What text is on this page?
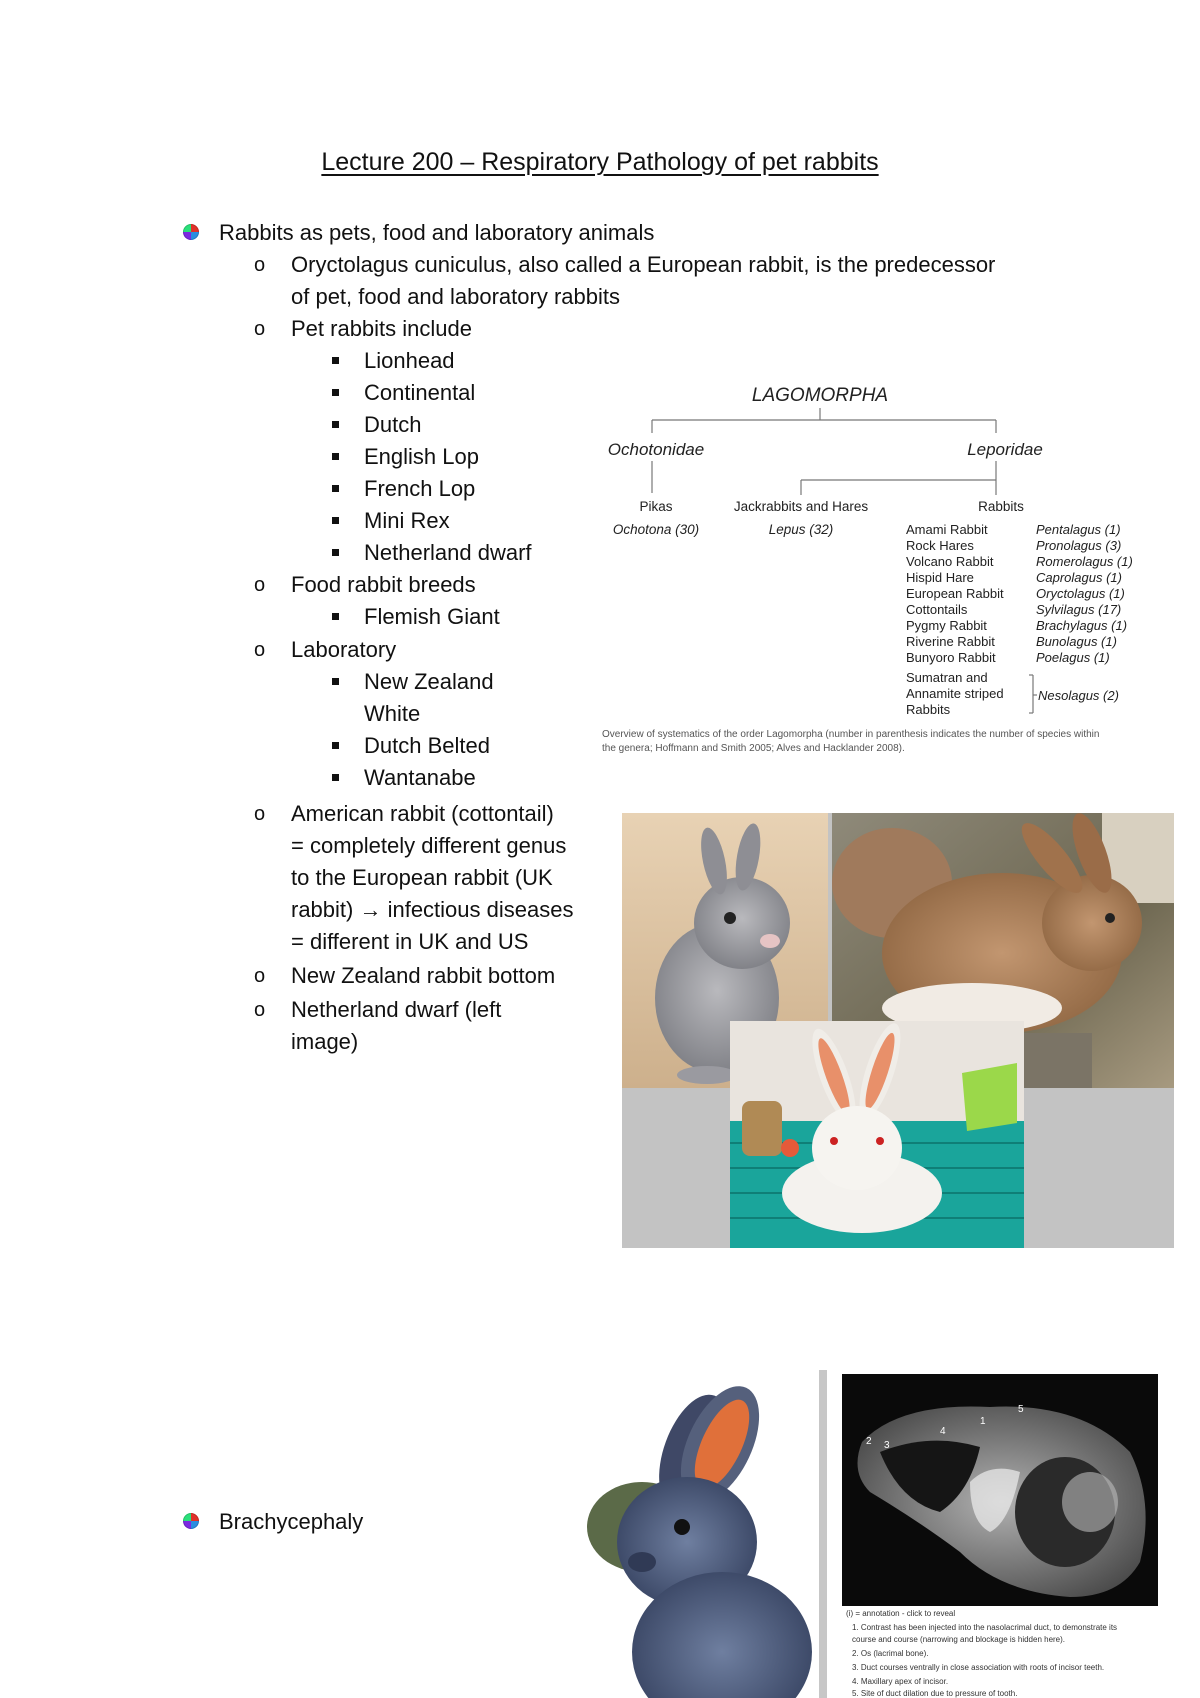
Lecture 200 – Respiratory Pathology of pet rabbits
Rabbits as pets, food and laboratory animals
o Oryctolagus cuniculus, also called a European rabbit, is the predecessor
of pet, food and laboratory rabbits
o Pet rabbits include
Lionhead
Continental
Dutch
English Lop
French Lop
Mini Rex
Netherland dwarf
o Food rabbit breeds
Flemish Giant
o Laboratory
New Zealand
White
Dutch Belted
Wantanabe
o American rabbit (cottontail)
= completely different genus
to the European rabbit (UK
rabbit) → infectious diseases
= different in UK and US
o New Zealand rabbit bottom
o Netherland dwarf (left
image)
LAGOMORPHA
Ochotonidae	Leporidae
Pikas
Ochotona (30)
Jackrabbits and Hares
Lepus (32)
Rabbits
Amami Rabbit
Rock Hares
Volcano Rabbit
Hispid Hare
European Rabbit
Cottontails
Pygmy Rabbit
Riverine Rabbit
Bunyoro Rabbit
Sumatran and
Annamite striped
Rabbits
Pentalagus (1)
Pronolagus (3)
Romerolagus (1)
Caprolagus (1)
Oryctolagus (1)
Sylvilagus (17)
Brachylagus (1)
Bunolagus (1)
Poelagus (1)
Nesolagus (2)
Overview of systematics of the order Lagomorpha (number in parenthesis indicates the number of species within
the genera; Hoffmann and Smith 2005; Alves and Hacklander 2008).
Brachycephaly
2 3
4
1
5
(i) = annotation - click to reveal
1. Contrast has been injected into the nasolacrimal duct, to demonstrate its
course and course (narrowing and blockage is hidden here).
2. Os (lacrimal bone).
3. Duct courses ventrally in close association with roots of incisor teeth.
4. Maxillary apex of incisor.
5. Site of duct dilation due to pressure of tooth.
